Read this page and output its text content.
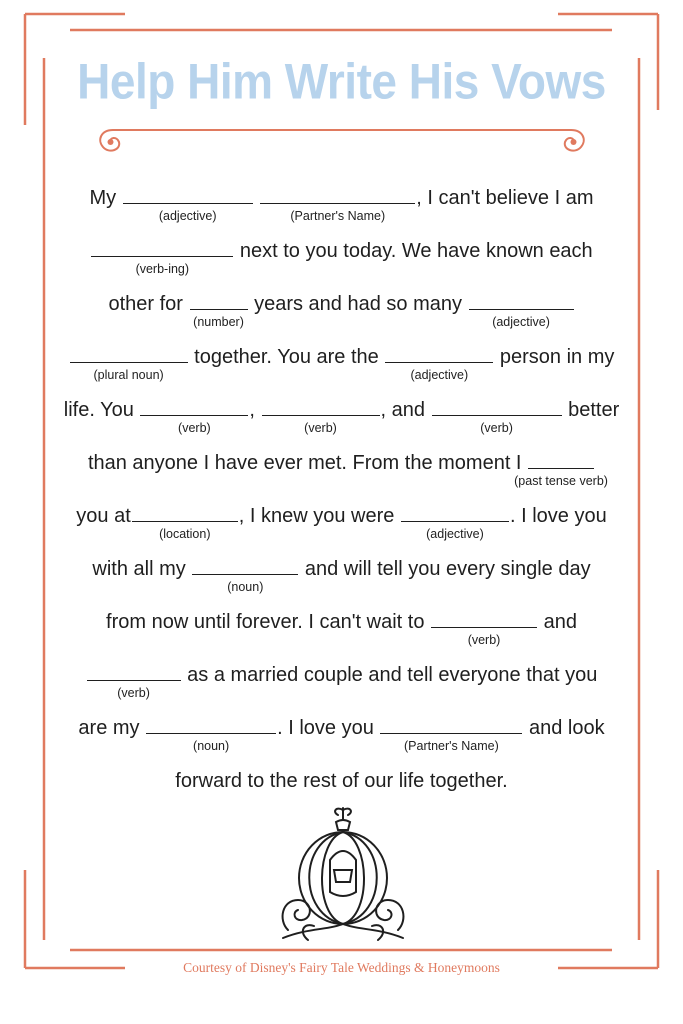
Help Him Write His Vows
My
(adjective)
	(Partner's Name)
, I can't believe I am
(verb-ing)
next to you today. We have known each
other for
(number)
years and had so many
(adjective)
(plural noun)
together. You are the
(adjective)
person in my
life. You
(verb)
,
(verb)
, and
(verb)
better
than anyone I have ever met. From the moment I
(past tense verb)
you at
(location)
, I knew you were
(adjective)
. I love you
with all my
(noun)
and will tell you every single day
from now until forever. I can't wait to
(verb)
and
(verb)
as a married couple and tell everyone that you
are my
(noun)
. I love you
(Partner's Name)
and look
forward to the rest of our life together.
Courtesy of Disney's Fairy Tale Weddings & Honeymoons
